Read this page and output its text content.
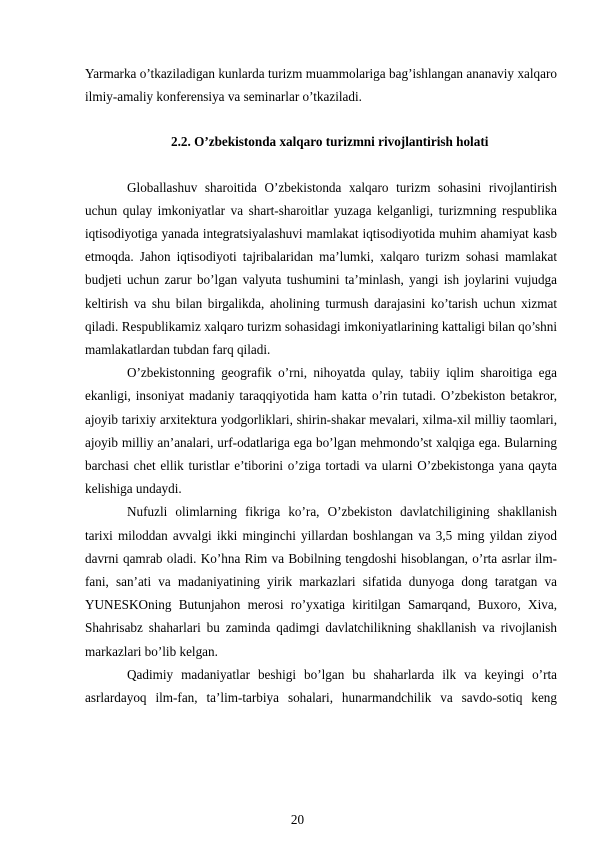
Yarmarka o’tkaziladigan kunlarda turizm muammolariga bag’ishlangan ananaviy xalqaro ilmiy-amaliy konferensiya va seminarlar o’tkaziladi.

2.2. O’zbekistonda xalqaro turizmni rivojlantirish holati

Globallashuv sharoitida O’zbekistonda xalqaro turizm sohasini rivojlantirish uchun qulay imkoniyatlar va shart-sharoitlar yuzaga kelganligi, turizmning respublika iqtisodiyotiga yanada integratsiyalashuvi mamlakat iqtisodiyotida muhim ahamiyat kasb etmoqda. Jahon iqtisodiyoti tajribalaridan ma’lumki, xalqaro turizm sohasi mamlakat budjeti uchun zarur bo’lgan valyuta tushumini ta’minlash, yangi ish joylarini vujudga keltirish va shu bilan birgalikda, aholining turmush darajasini ko’tarish uchun xizmat qiladi. Respublikamiz xalqaro turizm sohasidagi imkoniyatlarining kattaligi bilan qo’shni mamlakatlardan tubdan farq qiladi.

O’zbekistonning geografik o’rni, nihoyatda qulay, tabiiy iqlim sharoitiga ega ekanligi, insoniyat madaniy taraqqiyotida ham katta o’rin tutadi. O’zbekiston betakror, ajoyib tarixiy arxitektura yodgorliklari, shirin-shakar mevalari, xilma-xil milliy taomlari, ajoyib milliy an’analari, urf-odatlariga ega bo’lgan mehmondo’st xalqiga ega. Bularning barchasi chet ellik turistlar e’tiborini o’ziga tortadi va ularni O’zbekistonga yana qayta kelishiga undaydi.

Nufuzli olimlarning fikriga ko’ra, O’zbekiston davlatchiligining shakllanish tarixi miloddan avvalgi ikki minginchi yillardan boshlangan va 3,5 ming yildan ziyod davrni qamrab oladi. Ko’hna Rim va Bobilning tengdoshi hisoblangan, o’rta asrlar ilm-fani, san’ati va madaniyatining yirik markazlari sifatida dunyoga dong taratgan va YUNESKOning Butunjahon merosi ro’yxatiga kiritilgan Samarqand, Buxoro, Xiva, Shahrisabz shaharlari bu zaminda qadimgi davlatchilikning shakllanish va rivojlanish markazlari bo’lib kelgan.

Qadimiy madaniyatlar beshigi bo’lgan bu shaharlarda ilk va keyingi o’rta asrlardayoq ilm-fan, ta’lim-tarbiya sohalari, hunarmandchilik va savdo-sotiq keng

20
